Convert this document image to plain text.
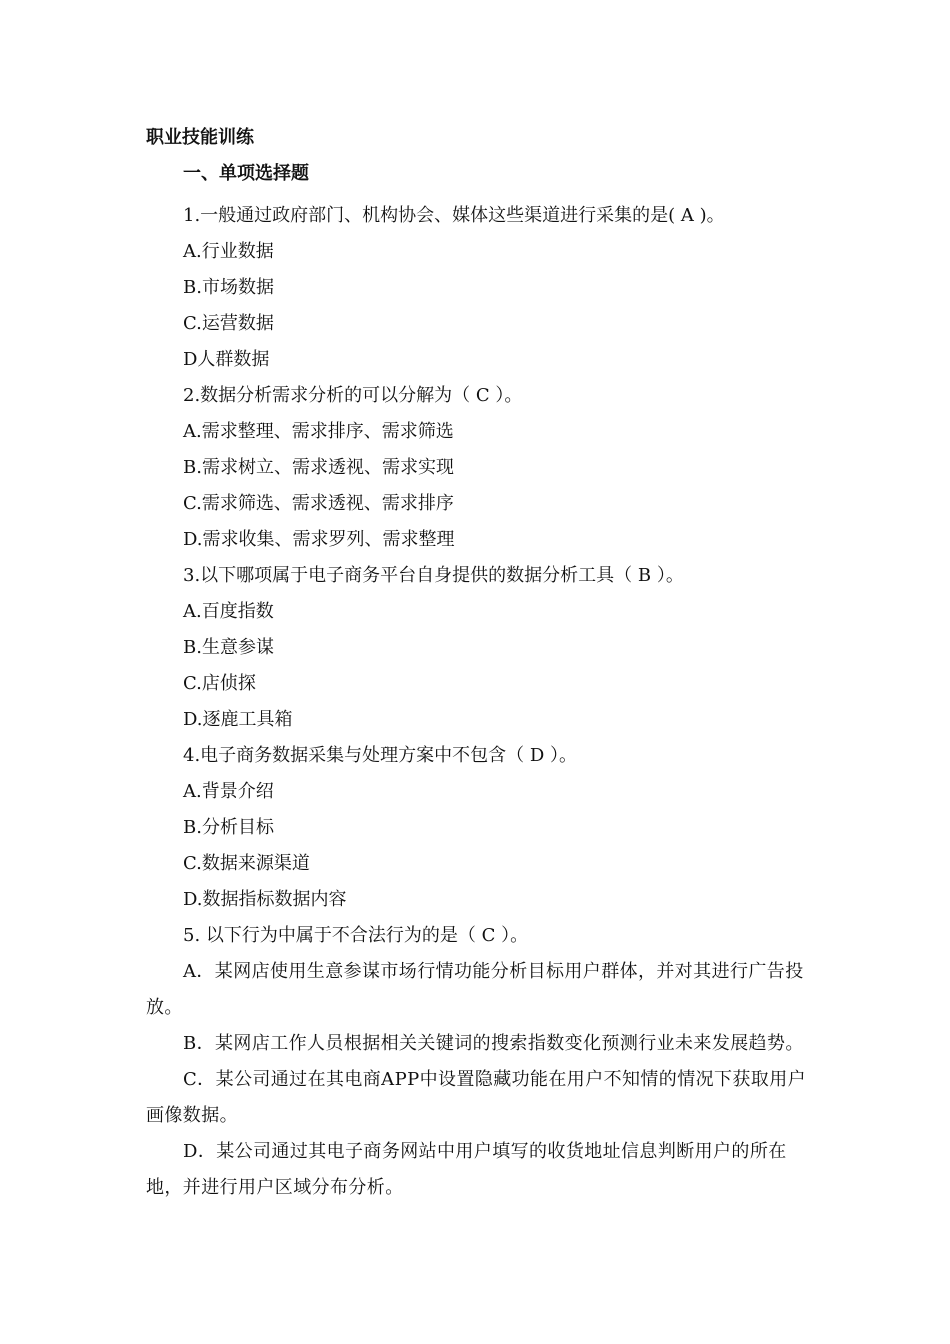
职业技能训练
一、单项选择题
1.一般通过政府部门、机构协会、媒体这些渠道进行采集的是( A )。
A.行业数据
B.市场数据
C.运营数据
D人群数据
2.数据分析需求分析的可以分解为（ C ）。
A.需求整理、需求排序、需求筛选
B.需求树立、需求透视、需求实现
C.需求筛选、需求透视、需求排序
D.需求收集、需求罗列、需求整理
3.以下哪项属于电子商务平台自身提供的数据分析工具（ B ）。
A.百度指数
B.生意参谋
C.店侦探
D.逐鹿工具箱
4.电子商务数据采集与处理方案中不包含（ D ）。
A.背景介绍
B.分析目标
C.数据来源渠道
D.数据指标数据内容
5. 以下行为中属于不合法行为的是（ C ）。
A．某网店使用生意参谋市场行情功能分析目标用户群体，并对其进行广告投放。
B．某网店工作人员根据相关关键词的搜索指数变化预测行业未来发展趋势。
C．某公司通过在其电商APP中设置隐藏功能在用户不知情的情况下获取用户画像数据。
D．某公司通过其电子商务网站中用户填写的收货地址信息判断用户的所在地，并进行用户区域分布分析。
